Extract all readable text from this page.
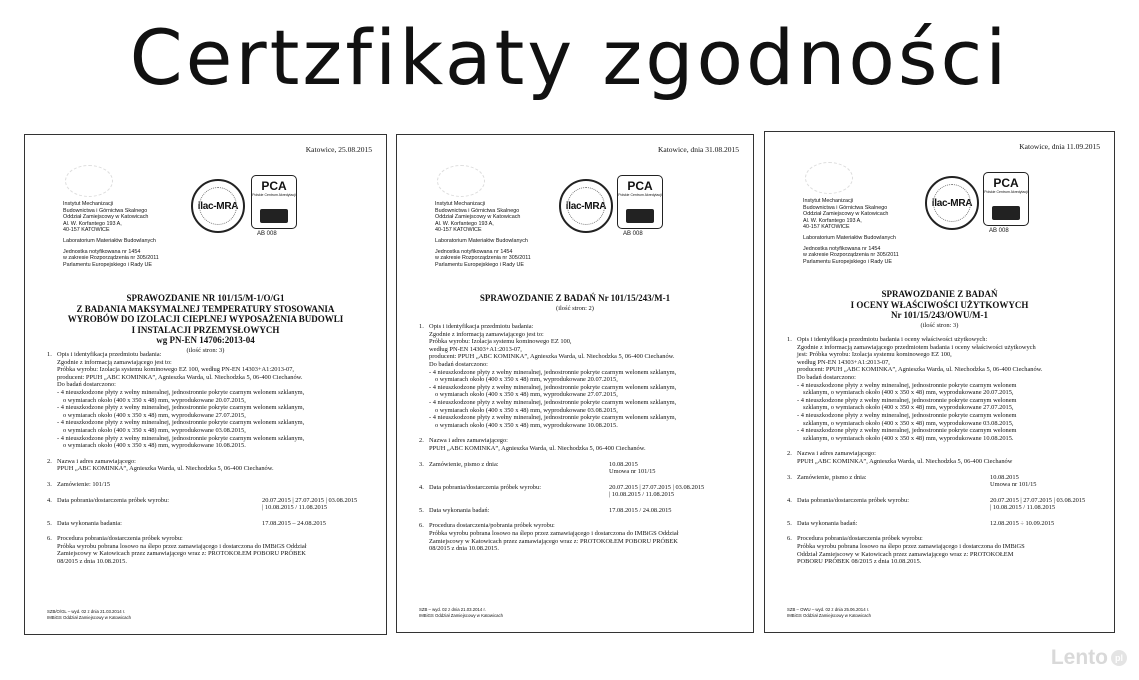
Certzfikaty zgodności
Katowice, 25.08.2015
Instytut Mechanizacji
Budownictwa i Górnictwa Skalnego
Oddział Zamiejscowy w Katowicach
Al. W. Korfantego 193 A,
40-157 KATOWICE
Laboratorium Materiałów Budowlanych
Jednostka notyfikowana nr 1454
w zakresie Rozporządzenia nr 305/2011
Parlamentu Europejskiego i Rady UE
ilac-MRA
PCA
Polskie Centrum Akredytacji
AB 008
SPRAWOZDANIE NR 101/15/M-1/O/G1
Z BADANIA MAKSYMALNEJ TEMPERATURY STOSOWANIA
WYROBÓW DO IZOLACJI CIEPLNEJ WYPOSAŻENIA BUDOWLI
I INSTALACJI PRZEMYSŁOWYCH
wg PN-EN 14706:2013-04
(ilość stron: 3)
1. Opis i identyfikacja przedmiotu badania:
Zgodnie z informacją zamawiającego jest to:
Próbka wyrobu: Izolacja systemu kominowego EZ 100, według PN-EN 14303+A1:2013-07,
producent: PPUH „ABC KOMINKA”, Agnieszka Warda, ul. Niechodzka 5, 06-400 Ciechanów.
Do badań dostarczono:
- 4 nieuszkodzone płyty z wełny mineralnej, jednostronnie pokryte czarnym welonem szklanym,
o wymiarach około (400 x 350 x 48) mm, wyprodukowane 20.07.2015,
- 4 nieuszkodzone płyty z wełny mineralnej, jednostronnie pokryte czarnym welonem szklanym,
o wymiarach około (400 x 350 x 48) mm, wyprodukowane 27.07.2015,
- 4 nieuszkodzone płyty z wełny mineralnej, jednostronnie pokryte czarnym welonem szklanym,
o wymiarach około (400 x 350 x 48) mm, wyprodukowane 03.08.2015,
- 4 nieuszkodzone płyty z wełny mineralnej, jednostronnie pokryte czarnym welonem szklanym,
o wymiarach około (400 x 350 x 48) mm, wyprodukowane 10.08.2015.
2. Nazwa i adres zamawiającego:
PPUH „ABC KOMINKA”, Agnieszka Warda, ul. Niechodzka 5, 06-400 Ciechanów.
3. Zamówienie: 101/15
4. Data pobrania/dostarczenia próbek wyrobu:	20.07.2015 | 27.07.2015 | 03.08.2015
| 10.08.2015 / 11.08.2015
5. Data wykonania badania:	17.08.2015 – 24.08.2015
6. Procedura pobrania/dostarczenia próbek wyrobu:
Próbka wyrobu pobrana losowo na ślepo przez zamawiającego i dostarczona do IMBiGS Oddział
Zamiejscowy w Katowicach przez zamawiającego wraz z: PROTOKOŁEM POBORU PRÓBEK
08/2015 z dnia 10.08.2015.
SZB/O/GL – wyd. 02 z dnia 21.03.2014 r.
IMBiGS Oddział Zamiejscowy w Katowicach
Katowice, dnia 31.08.2015
Instytut Mechanizacji
Budownictwa i Górnictwa Skalnego
Oddział Zamiejscowy w Katowicach
Al. W. Korfantego 193 A,
40-157 KATOWICE
Laboratorium Materiałów Budowlanych
Jednostka notyfikowana nr 1454
w zakresie Rozporządzenia nr 305/2011
Parlamentu Europejskiego i Rady UE
ilac-MRA
PCA
Polskie Centrum Akredytacji
AB 008
SPRAWOZDANIE Z BADAŃ Nr 101/15/243/M-1
(ilość stron: 2)
1. Opis i identyfikacja przedmiotu badania:
Zgodnie z informacją zamawiającego jest to:
Próbka wyrobu: Izolacja systemu kominowego EZ 100,
według PN-EN 14303+A1:2013-07,
producent: PPUH „ABC KOMINKA”, Agnieszka Warda, ul. Niechodzka 5, 06-400 Ciechanów.
Do badań dostarczono:
- 4 nieuszkodzone płyty z wełny mineralnej, jednostronnie pokryte czarnym welonem szklanym,
o wymiarach około (400 x 350 x 48) mm, wyprodukowane 20.07.2015,
- 4 nieuszkodzone płyty z wełny mineralnej, jednostronnie pokryte czarnym welonem szklanym,
o wymiarach około (400 x 350 x 48) mm, wyprodukowane 27.07.2015,
- 4 nieuszkodzone płyty z wełny mineralnej, jednostronnie pokryte czarnym welonem szklanym,
o wymiarach około (400 x 350 x 48) mm, wyprodukowane 03.08.2015,
- 4 nieuszkodzone płyty z wełny mineralnej, jednostronnie pokryte czarnym welonem szklanym,
o wymiarach około (400 x 350 x 48) mm, wyprodukowane 10.08.2015.
2. Nazwa i adres zamawiającego:
PPUH „ABC KOMINKA”, Agnieszka Warda, ul. Niechodzka 5, 06-400 Ciechanów.
3. Zamówienie, pismo z dnia:	10.08.2015
Umowa nr 101/15
4. Data pobrania/dostarczenia próbek wyrobu:	20.07.2015 | 27.07.2015 | 03.08.2015
| 10.08.2015 / 11.08.2015
5. Data wykonania badań:	17.08.2015 / 24.08.2015
6. Procedura dostarczenia/pobrania próbek wyrobu:
Próbka wyrobu pobrana losowo na ślepo przez zamawiającego i dostarczona do IMBiGS Oddział
Zamiejscowy w Katowicach przez zamawiającego wraz z: PROTOKOŁEM POBORU PRÓBEK
08/2015 z dnia 10.08.2015.
SZB – wyd. 02 z dnia 21.03.2014 r.
IMBiGS Oddział Zamiejscowy w Katowicach
Katowice, dnia 11.09.2015
Instytut Mechanizacji
Budownictwa i Górnictwa Skalnego
Oddział Zamiejscowy w Katowicach
Al. W. Korfantego 193 A,
40-157 KATOWICE
Laboratorium Materiałów Budowlanych
Jednostka notyfikowana nr 1454
w zakresie Rozporządzenia nr 305/2011
Parlamentu Europejskiego i Rady UE
ilac-MRA
PCA
Polskie Centrum Akredytacji
AB 008
SPRAWOZDANIE Z BADAŃ
I OCENY WŁAŚCIWOŚCI UŻYTKOWYCH
Nr 101/15/243/OWU/M-1
(ilość stron: 3)
1. Opis i identyfikacja przedmiotu badania i oceny właściwości użytkowych:
Zgodnie z informacją zamawiającego przedmiotem badania i oceny właściwości użytkowych
jest: Próbka wyrobu: Izolacja systemu kominowego EZ 100,
według PN-EN 14303+A1:2013-07,
producent: PPUH „ABC KOMINKA”, Agnieszka Warda, ul. Niechodzka 5, 06-400 Ciechanów.
Do badań dostarczono:
- 4 nieuszkodzone płyty z wełny mineralnej, jednostronnie pokryte czarnym welonem
szklanym, o wymiarach około (400 x 350 x 48) mm, wyprodukowane 20.07.2015,
- 4 nieuszkodzone płyty z wełny mineralnej, jednostronnie pokryte czarnym welonem
szklanym, o wymiarach około (400 x 350 x 48) mm, wyprodukowane 27.07.2015,
- 4 nieuszkodzone płyty z wełny mineralnej, jednostronnie pokryte czarnym welonem
szklanym, o wymiarach około (400 x 350 x 48) mm, wyprodukowane 03.08.2015,
- 4 nieuszkodzone płyty z wełny mineralnej, jednostronnie pokryte czarnym welonem
szklanym, o wymiarach około (400 x 350 x 48) mm, wyprodukowane 10.08.2015.
2. Nazwa i adres zamawiającego:
PPUH „ABC KOMINKA”, Agnieszka Warda, ul. Niechodzka 5, 06-400 Ciechanów
3. Zamówienie, pismo z dnia:	10.08.2015
Umowa nr 101/15
4. Data pobrania/dostarczenia próbek wyrobu:	20.07.2015 | 27.07.2015 | 03.08.2015
| 10.08.2015 / 11.08.2015
5. Data wykonania badań:	12.08.2015 ÷ 10.09.2015
6. Procedura pobrania/dostarczenia próbek wyrobu:
Próbka wyrobu pobrana losowo na ślepo przez zamawiającego i dostarczona do IMBiGS
Oddział Zamiejscowy w Katowicach przez zamawiającego wraz z: PROTOKOŁEM
POBORU PRÓBEK 08/2015 z dnia 10.08.2015.
SZB – OWU – wyd. 02 z dnia 25.06.2014 r.
IMBiGS Oddział Zamiejscowy w Katowicach
Lento pl
